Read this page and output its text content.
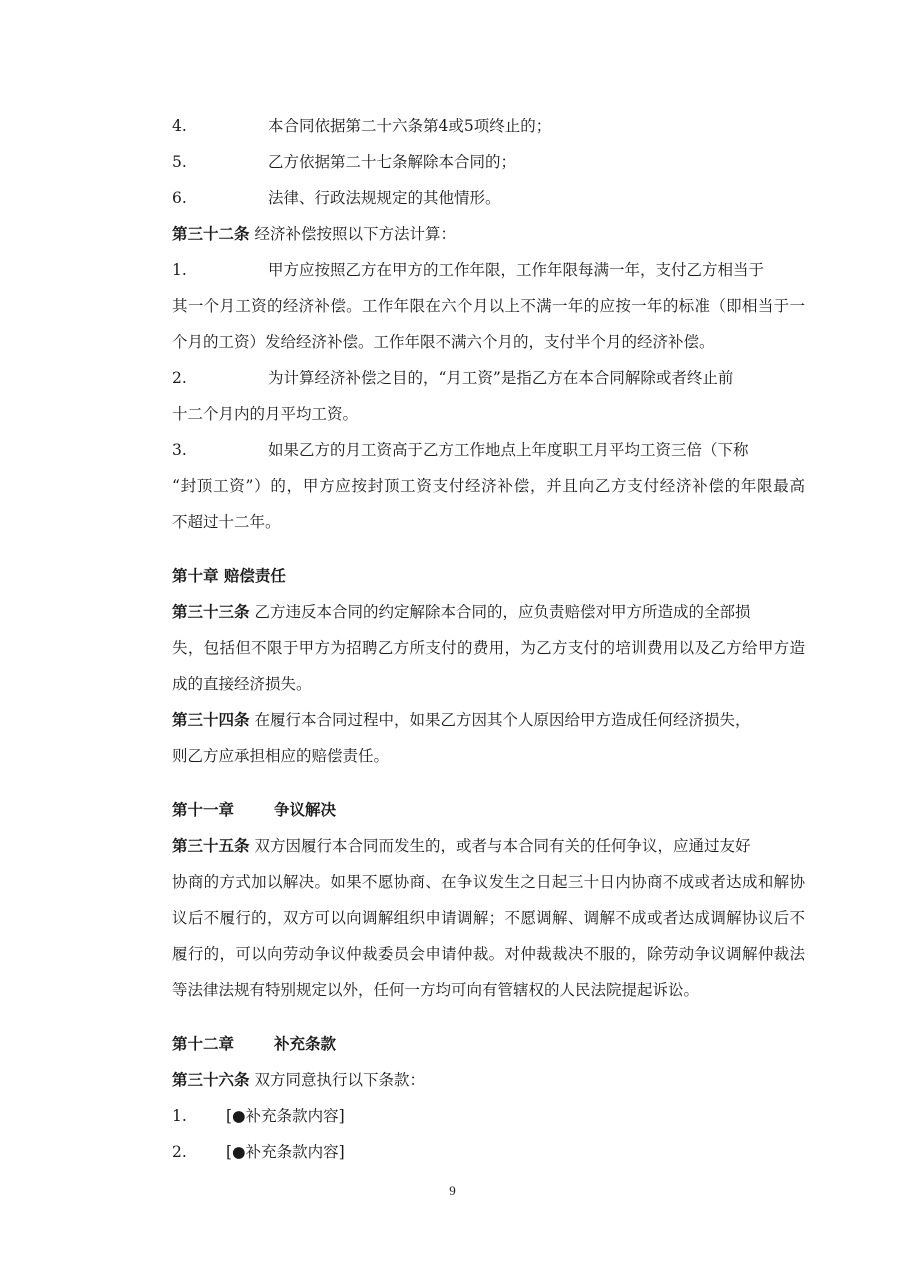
4.	本合同依据第二十六条第4或5项终止的；
5.	乙方依据第二十七条解除本合同的；
6.	法律、行政法规规定的其他情形。
第三十二条 经济补偿按照以下方法计算：
1.	甲方应按照乙方在甲方的工作年限，工作年限每满一年，支付乙方相当于
其一个月工资的经济补偿。工作年限在六个月以上不满一年的应按一年的标准（即相当于一
个月的工资）发给经济补偿。工作年限不满六个月的，支付半个月的经济补偿。
2.	为计算经济补偿之目的，“月工资”是指乙方在本合同解除或者终止前
十二个月内的月平均工资。
3.	如果乙方的月工资高于乙方工作地点上年度职工月平均工资三倍（下称
“封顶工资”）的，甲方应按封顶工资支付经济补偿，并且向乙方支付经济补偿的年限最高
不超过十二年。
第十章 赔偿责任
第三十三条 乙方违反本合同的约定解除本合同的，应负责赔偿对甲方所造成的全部损
失，包括但不限于甲方为招聘乙方所支付的费用，为乙方支付的培训费用以及乙方给甲方造
成的直接经济损失。
第三十四条 在履行本合同过程中，如果乙方因其个人原因给甲方造成任何经济损失，
则乙方应承担相应的赔偿责任。
第十一章	争议解决
第三十五条 双方因履行本合同而发生的，或者与本合同有关的任何争议，应通过友好
协商的方式加以解决。如果不愿协商、在争议发生之日起三十日内协商不成或者达成和解协
议后不履行的，双方可以向调解组织申请调解；不愿调解、调解不成或者达成调解协议后不
履行的，可以向劳动争议仲裁委员会申请仲裁。对仲裁裁决不服的，除劳动争议调解仲裁法
等法律法规有特别规定以外，任何一方均可向有管辖权的人民法院提起诉讼。
第十二章	补充条款
第三十六条 双方同意执行以下条款：
1.	[●补充条款内容]
2.	[●补充条款内容]
9
